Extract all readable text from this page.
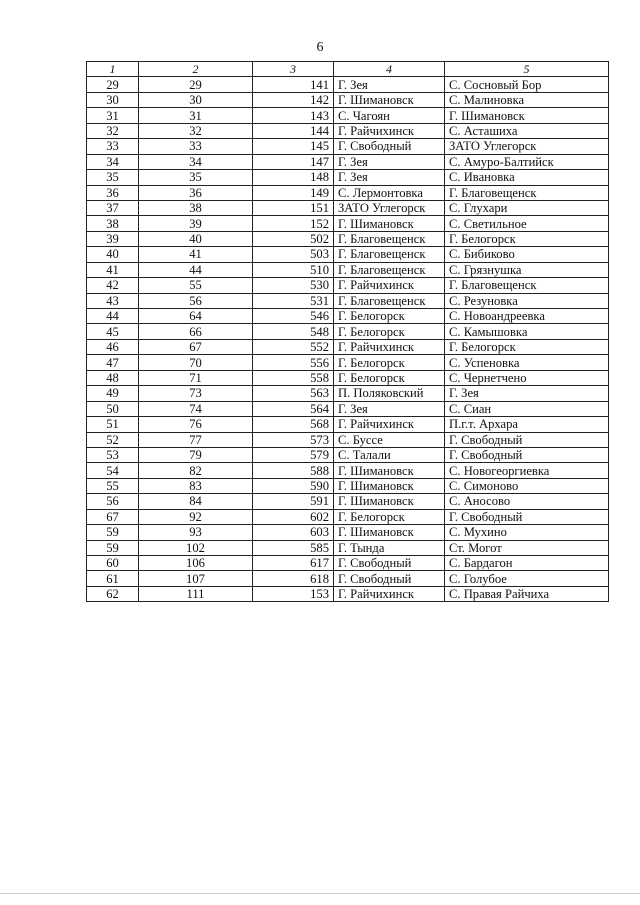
6
1	2	3	4	5
29	29	141	Г. Зея	С. Сосновый Бор
30	30	142	Г. Шимановск	С. Малиновка
31	31	143	С. Чагоян	Г. Шимановск
32	32	144	Г. Райчихинск	С. Асташиха
33	33	145	Г. Свободный	ЗАТО Углегорск
34	34	147	Г. Зея	С. Амуро-Балтийск
35	35	148	Г. Зея	С. Ивановка
36	36	149	С. Лермонтовка	Г. Благовещенск
37	38	151	ЗАТО Углегорск	С. Глухари
38	39	152	Г. Шимановск	С. Светильное
39	40	502	Г. Благовещенск	Г. Белогорск
40	41	503	Г. Благовещенск	С. Бибиково
41	44	510	Г. Благовещенск	С. Грязнушка
42	55	530	Г. Райчихинск	Г. Благовещенск
43	56	531	Г. Благовещенск	С. Резуновка
44	64	546	Г. Белогорск	С. Новоандреевка
45	66	548	Г. Белогорск	С. Камышовка
46	67	552	Г. Райчихинск	Г. Белогорск
47	70	556	Г. Белогорск	С. Успеновка
48	71	558	Г. Белогорск	С. Чернетчено
49	73	563	П. Поляковский	Г. Зея
50	74	564	Г. Зея	С. Сиан
51	76	568	Г. Райчихинск	П.г.т. Архара
52	77	573	С. Буссе	Г. Свободный
53	79	579	С. Талали	Г. Свободный
54	82	588	Г. Шимановск	С. Новогеоргиевка
55	83	590	Г. Шимановск	С. Симоново
56	84	591	Г. Шимановск	С. Аносово
67	92	602	Г. Белогорск	Г. Свободный
59	93	603	Г. Шимановск	С. Мухино
59	102	585	Г. Тында	Ст. Могот
60	106	617	Г. Свободный	С. Бардагон
61	107	618	Г. Свободный	С. Голубое
62	111	153	Г. Райчихинск	С. Правая Райчиха
